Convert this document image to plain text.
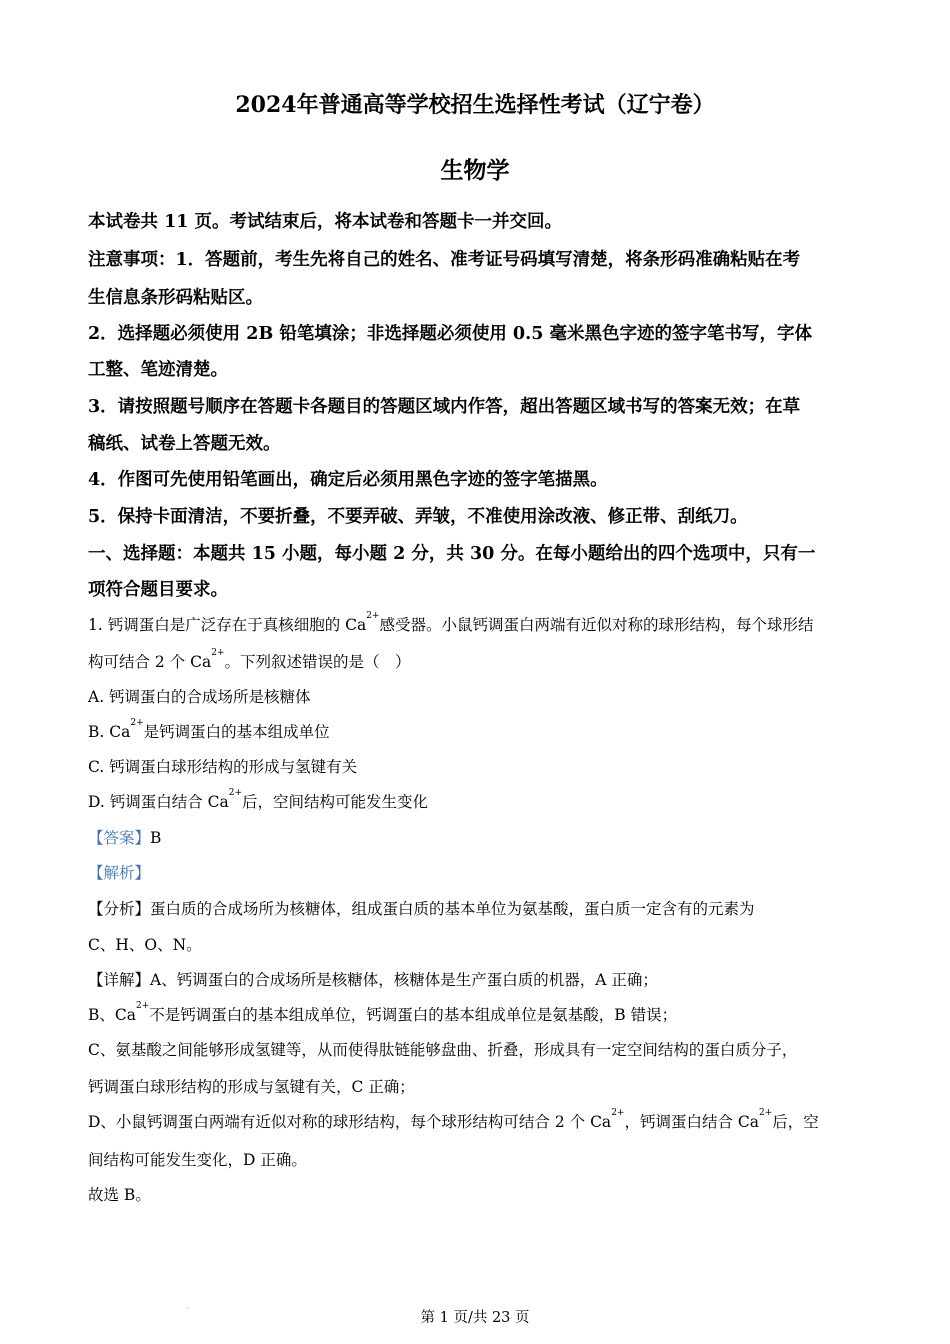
2024年普通高等学校招生选择性考试（辽宁卷）
生物学
本试卷共 11 页。考试结束后，将本试卷和答题卡一并交回。
注意事项：1．答题前，考生先将自己的姓名、准考证号码填写清楚，将条形码准确粘贴在考
生信息条形码粘贴区。
2．选择题必须使用 2B 铅笔填涂；非选择题必须使用 0.5 毫米黑色字迹的签字笔书写，字体
工整、笔迹清楚。
3．请按照题号顺序在答题卡各题目的答题区域内作答，超出答题区域书写的答案无效；在草
稿纸、试卷上答题无效。
4．作图可先使用铅笔画出，确定后必须用黑色字迹的签字笔描黑。
5．保持卡面清洁，不要折叠，不要弄破、弄皱，不准使用涂改液、修正带、刮纸刀。
一、选择题：本题共 15 小题，每小题 2 分，共 30 分。在每小题给出的四个选项中，只有一
项符合题目要求。
1. 钙调蛋白是广泛存在于真核细胞的 $Ca^{2+}$感受器。小鼠钙调蛋白两端有近似对称的球形结构，每个球形结
构可结合 2 个 $Ca^{2+}$。下列叙述错误的是（　）
A. 钙调蛋白的合成场所是核糖体
B. $Ca^{2+}$是钙调蛋白的基本组成单位
C. 钙调蛋白球形结构的形成与氢键有关
D. 钙调蛋白结合 $Ca^{2+}$后，空间结构可能发生变化
【答案】B
【解析】
【分析】蛋白质的合成场所为核糖体，组成蛋白质的基本单位为氨基酸，蛋白质一定含有的元素为
C、H、O、N。
【详解】A、钙调蛋白的合成场所是核糖体，核糖体是生产蛋白质的机器，A 正确；
B、$Ca^{2+}$不是钙调蛋白的基本组成单位，钙调蛋白的基本组成单位是氨基酸，B 错误；
C、氨基酸之间能够形成氢键等，从而使得肽链能够盘曲、折叠，形成具有一定空间结构的蛋白质分子，
钙调蛋白球形结构的形成与氢键有关，C 正确；
D、小鼠钙调蛋白两端有近似对称的球形结构，每个球形结构可结合 2 个 $Ca^{2+}$，钙调蛋白结合 $Ca^{2+}$后，空
间结构可能发生变化，D 正确。
故选 B。
.
第 1 页/共 23 页
